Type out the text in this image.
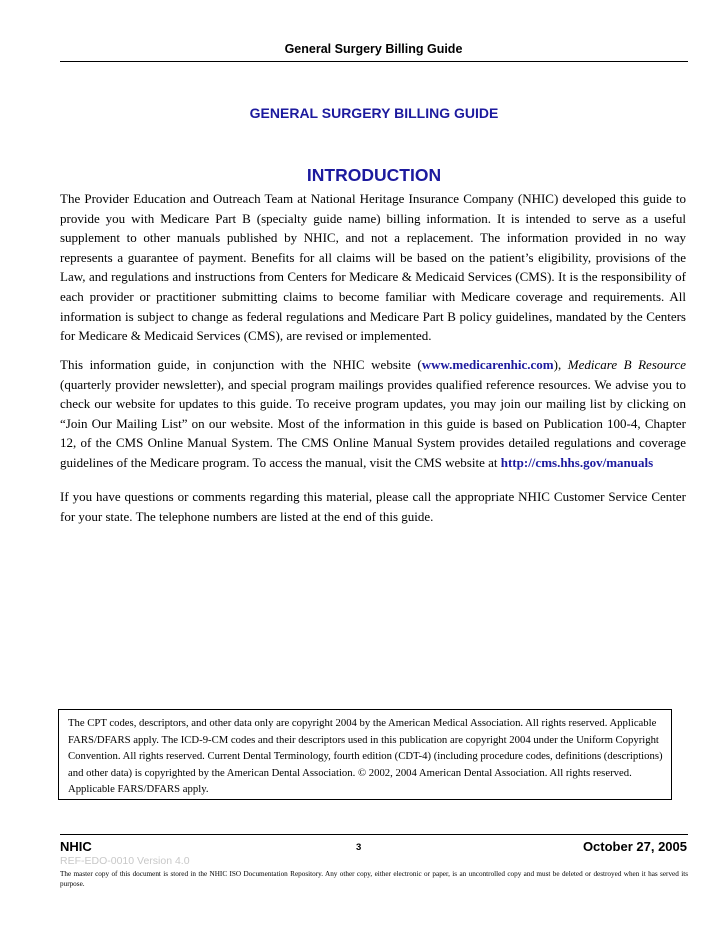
General Surgery Billing Guide
GENERAL SURGERY BILLING GUIDE
INTRODUCTION

The Provider Education and Outreach Team at National Heritage Insurance Company (NHIC) developed this guide to provide you with Medicare Part B (specialty guide name) billing information. It is intended to serve as a useful supplement to other manuals published by NHIC, and not a replacement. The information provided in no way represents a guarantee of payment. Benefits for all claims will be based on the patient’s eligibility, provisions of the Law, and regulations and instructions from Centers for Medicare & Medicaid Services (CMS). It is the responsibility of each provider or practitioner submitting claims to become familiar with Medicare coverage and requirements. All information is subject to change as federal regulations and Medicare Part B policy guidelines, mandated by the Centers for Medicare & Medicaid Services (CMS), are revised or implemented.

This information guide, in conjunction with the NHIC website (www.medicarenhic.com), Medicare B Resource (quarterly provider newsletter), and special program mailings provides qualified reference resources. We advise you to check our website for updates to this guide. To receive program updates, you may join our mailing list by clicking on “Join Our Mailing List” on our website. Most of the information in this guide is based on Publication 100-4, Chapter 12, of the CMS Online Manual System. The CMS Online Manual System provides detailed regulations and coverage guidelines of the Medicare program. To access the manual, visit the CMS website at http://cms.hhs.gov/manuals

If you have questions or comments regarding this material, please call the appropriate NHIC Customer Service Center for your state. The telephone numbers are listed at the end of this guide.

The CPT codes, descriptors, and other data only are copyright 2004 by the American Medical Association. All rights reserved. Applicable FARS/DFARS apply. The ICD-9-CM codes and their descriptors used in this publication are copyright 2004 under the Uniform Copyright Convention. All rights reserved. Current Dental Terminology, fourth edition (CDT-4) (including procedure codes, definitions (descriptions) and other data) is copyrighted by the American Dental Association. © 2002, 2004 American Dental Association. All rights reserved. Applicable FARS/DFARS apply.
NHIC	3	October 27, 2005
REF-EDO-0010 Version 4.0
The master copy of this document is stored in the NHIC ISO Documentation Repository. Any other copy, either electronic or paper, is an uncontrolled copy and must be deleted or destroyed when it has served its purpose.
